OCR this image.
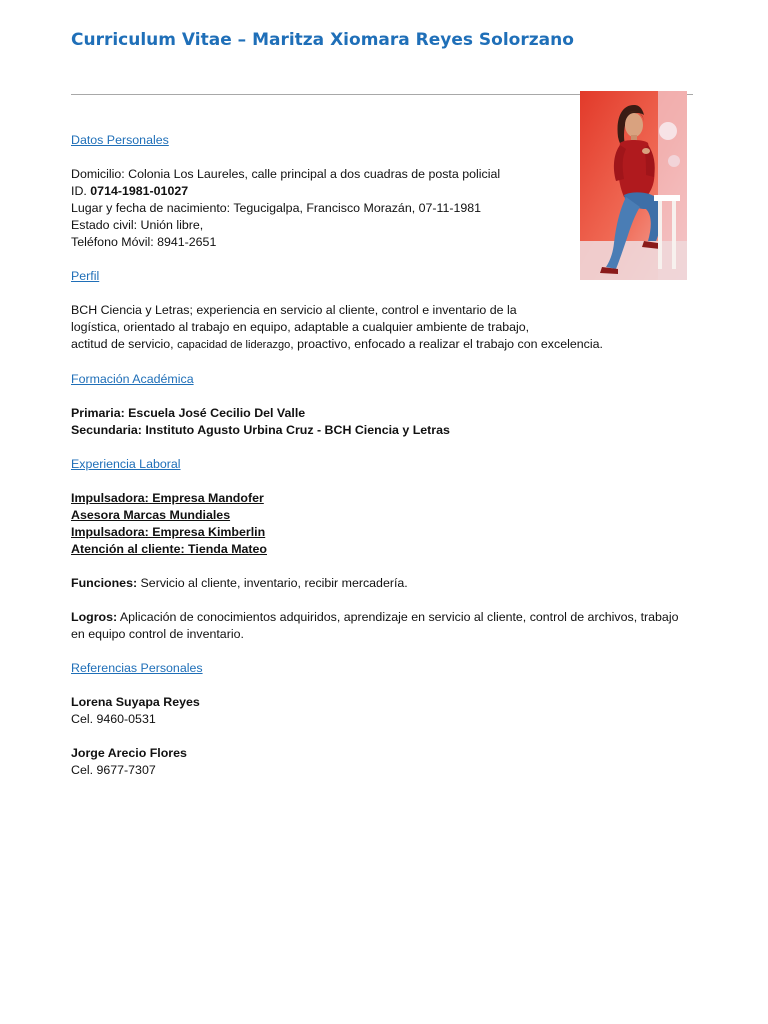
Curriculum Vitae – Maritza Xiomara Reyes Solorzano

Datos Personales

Domicilio: Colonia Los Laureles, calle principal a dos cuadras de posta policial

ID. 0714-1981-01027

Lugar y fecha de nacimiento: Tegucigalpa, Francisco Morazán, 07-11-1981

Estado civil: Unión libre,

Teléfono Móvil: 8941-2651

Perfil

BCH Ciencia y Letras; experiencia en servicio al cliente, control e inventario de la

logística, orientado al trabajo en equipo, adaptable a cualquier ambiente de trabajo,

actitud de servicio, capacidad de liderazgo, proactivo, enfocado a realizar el trabajo con excelencia.

Formación Académica

Primaria: Escuela José Cecilio Del Valle

Secundaria: Instituto Agusto Urbina Cruz - BCH Ciencia y Letras

Experiencia Laboral

Impulsadora: Empresa Mandofer

Asesora Marcas Mundiales

Impulsadora: Empresa Kimberlin

Atención al cliente: Tienda Mateo

Funciones: Servicio al cliente, inventario, recibir mercadería.

Logros: Aplicación de conocimientos adquiridos, aprendizaje en servicio al cliente, control de archivos, trabajo en equipo control de inventario.

Referencias Personales

Lorena Suyapa Reyes

Cel. 9460-0531

Jorge Arecio Flores

Cel. 9677-7307
